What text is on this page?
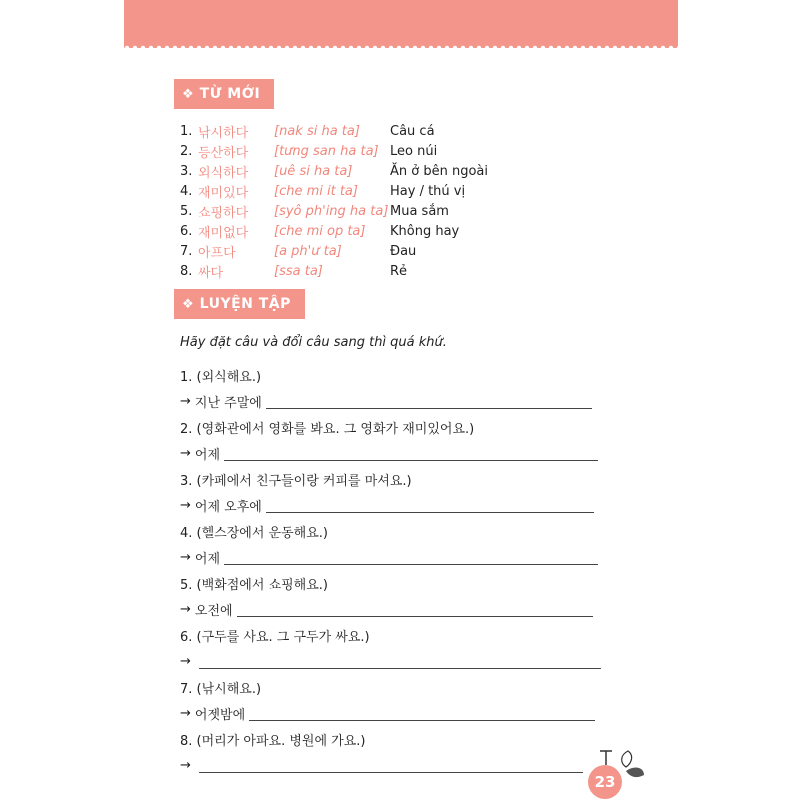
❖ TỪ MỚI
1. 낚시하다	[nak si ha ta]	Câu cá
2. 등산하다	[tưng san ha ta] Leo núi
3. 외식하다	[uê si ha ta]	Ăn ở bên ngoài
4. 재미있다	[che mi it ta]	Hay / thú vị
5. 쇼핑하다	[syô ph'ing ha ta] Mua sắm
6. 재미없다	[che mi op ta]	Không hay
7. 아프다	[a ph'ư ta]	Đau
8. 싸다	[ssa ta]	Rẻ
❖ LUYỆN TẬP
Hãy đặt câu và đổi câu sang thì quá khứ.
1. (외식해요.)
→ 지난 주말에
2. (영화관에서 영화를 봐요. 그 영화가 재미있어요.)
→ 어제
3. (카페에서 친구들이랑 커피를 마셔요.)
→ 어제 오후에
4. (헬스장에서 운동해요.)
→ 어제
5. (백화점에서 쇼핑해요.)
→ 오전에
6. (구두를 사요. 그 구두가 싸요.)
→
7. (낚시해요.)
→ 어젯밤에
8. (머리가 아파요. 병원에 가요.)
→
23
